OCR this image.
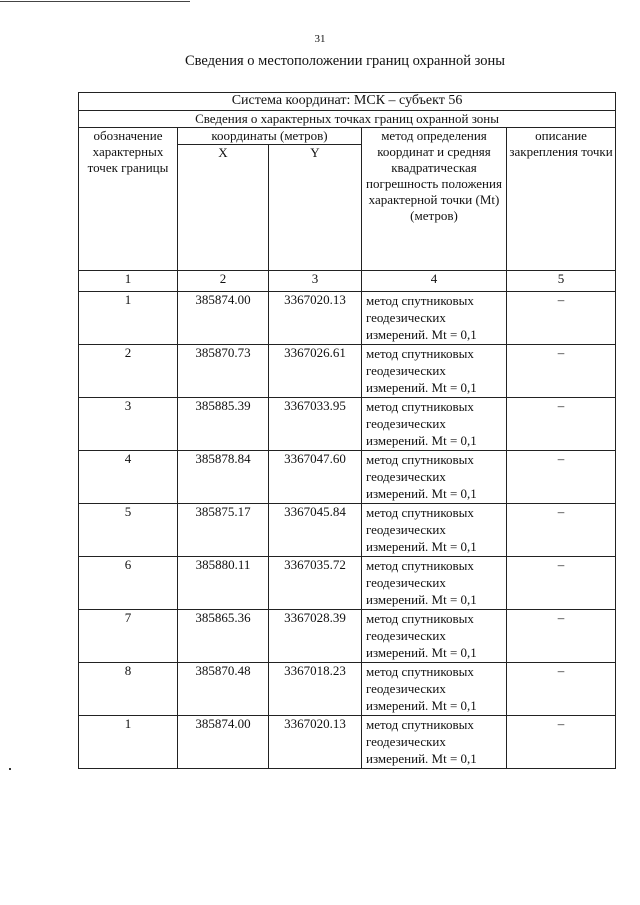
31
Сведения о местоположении границ охранной зоны
Система координат: МСК – субъект 56				
Сведения о характерных точках границ охранной зоны				
обозначение характерных точек границы	координаты (метров)		метод определения координат и средняя квадратическая погрешность положения характерной точки (Mt) (метров)	описание закрепления точки
	X	Y		
1	2	3	4	5
1	385874.00	3367020.13	метод спутниковых геодезических измерений. Mt = 0,1	–
2	385870.73	3367026.61	метод спутниковых геодезических измерений. Mt = 0,1	–
3	385885.39	3367033.95	метод спутниковых геодезических измерений. Mt = 0,1	–
4	385878.84	3367047.60	метод спутниковых геодезических измерений. Mt = 0,1	–
5	385875.17	3367045.84	метод спутниковых геодезических измерений. Mt = 0,1	–
6	385880.11	3367035.72	метод спутниковых геодезических измерений. Mt = 0,1	–
7	385865.36	3367028.39	метод спутниковых геодезических измерений. Mt = 0,1	–
8	385870.48	3367018.23	метод спутниковых геодезических измерений. Mt = 0,1	–
1	385874.00	3367020.13	метод спутниковых геодезических измерений. Mt = 0,1	–
